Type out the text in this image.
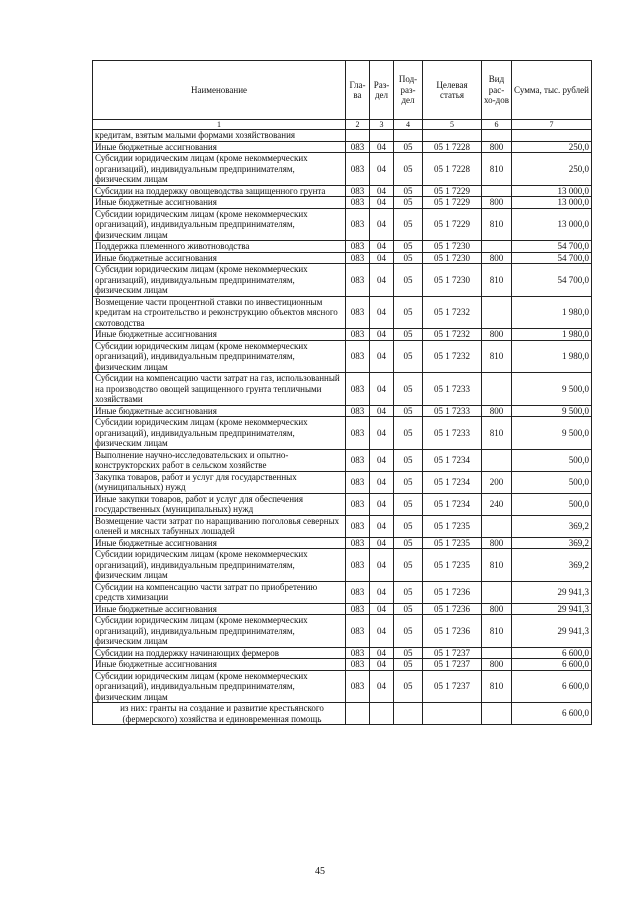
Наименование	Гла-ва	Раз-дел	Под-раз-дел	Целевая статья	Вид рас-хо-дов	Сумма, тыс. рублей
1	2	3	4	5	6	7
кредитам, взятым малыми формами хозяйствования						
Иные бюджетные ассигнования	083	04	05	05 1 7228	800	250,0
Субсидии юридическим лицам (кроме некоммерческих организаций), индивидуальным предпринимателям, физическим лицам	083	04	05	05 1 7228	810	250,0
Субсидии на поддержку овощеводства защищенного грунта	083	04	05	05 1 7229		13 000,0
Иные бюджетные ассигнования	083	04	05	05 1 7229	800	13 000,0
Субсидии юридическим лицам (кроме некоммерческих организаций), индивидуальным предпринимателям, физическим лицам	083	04	05	05 1 7229	810	13 000,0
Поддержка племенного животноводства	083	04	05	05 1 7230		54 700,0
Иные бюджетные ассигнования	083	04	05	05 1 7230	800	54 700,0
Субсидии юридическим лицам (кроме некоммерческих организаций), индивидуальным предпринимателям, физическим лицам	083	04	05	05 1 7230	810	54 700,0
Возмещение части процентной ставки по инвестиционным кредитам на строительство и реконструкцию объектов мясного скотоводства	083	04	05	05 1 7232		1 980,0
Иные бюджетные ассигнования	083	04	05	05 1 7232	800	1 980,0
Субсидии юридическим лицам (кроме некоммерческих организаций), индивидуальным предпринимателям, физическим лицам	083	04	05	05 1 7232	810	1 980,0
Субсидии на компенсацию части затрат на газ, использованный на производство овощей защищенного грунта тепличными хозяйствами	083	04	05	05 1 7233		9 500,0
Иные бюджетные ассигнования	083	04	05	05 1 7233	800	9 500,0
Субсидии юридическим лицам (кроме некоммерческих организаций), индивидуальным предпринимателям, физическим лицам	083	04	05	05 1 7233	810	9 500,0
Выполнение научно-исследовательских и опытно-конструкторских работ в сельском хозяйстве	083	04	05	05 1 7234		500,0
Закупка товаров, работ и услуг для государственных (муниципальных) нужд	083	04	05	05 1 7234	200	500,0
Иные закупки товаров, работ и услуг для обеспечения государственных (муниципальных) нужд	083	04	05	05 1 7234	240	500,0
Возмещение части затрат по наращиванию поголовья северных оленей и мясных табунных лошадей	083	04	05	05 1 7235		369,2
Иные бюджетные ассигнования	083	04	05	05 1 7235	800	369,2
Субсидии юридическим лицам (кроме некоммерческих организаций), индивидуальным предпринимателям, физическим лицам	083	04	05	05 1 7235	810	369,2
Субсидии на компенсацию части затрат по приобретению средств химизации	083	04	05	05 1 7236		29 941,3
Иные бюджетные ассигнования	083	04	05	05 1 7236	800	29 941,3
Субсидии юридическим лицам (кроме некоммерческих организаций), индивидуальным предпринимателям, физическим лицам	083	04	05	05 1 7236	810	29 941,3
Субсидии на поддержку начинающих фермеров	083	04	05	05 1 7237		6 600,0
Иные бюджетные ассигнования	083	04	05	05 1 7237	800	6 600,0
Субсидии юридическим лицам (кроме некоммерческих организаций), индивидуальным предпринимателям, физическим лицам	083	04	05	05 1 7237	810	6 600,0
из них: гранты на создание и развитие крестьянского (фермерского) хозяйства и единовременная помощь						6 600,0
45
